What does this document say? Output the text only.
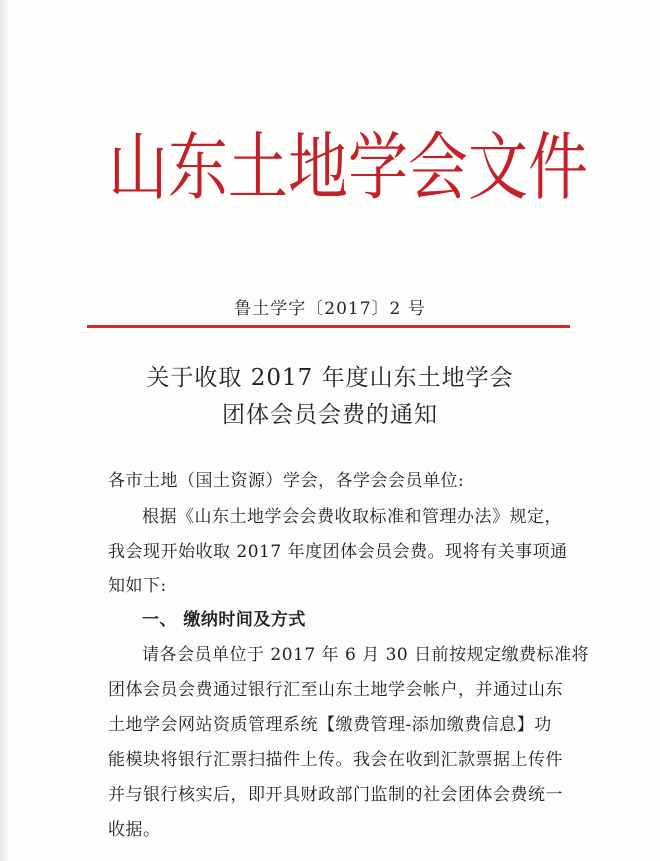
山 东 土 地 学 会 文 件
鲁土学字〔2017〕2 号
关于收取 2017 年度山东土地学会
团体会员会费的通知
各市土地（国土资源）学会，各学会会员单位:
根据《山东土地学会会费收取标准和管理办法》规定，
我会现开始收取 2017 年度团体会员会费。现将有关事项通
知如下:
一、 缴纳时间及方式
请各会员单位于 2017 年 6 月 30 日前按规定缴费标准将
团体会员会费通过银行汇至山东土地学会帐户，并通过山东
土地学会网站资质管理系统【缴费管理-添加缴费信息】功
能模块将银行汇票扫描件上传。我会在收到汇款票据上传件
并与银行核实后，即开具财政部门监制的社会团体会费统一
收据。
